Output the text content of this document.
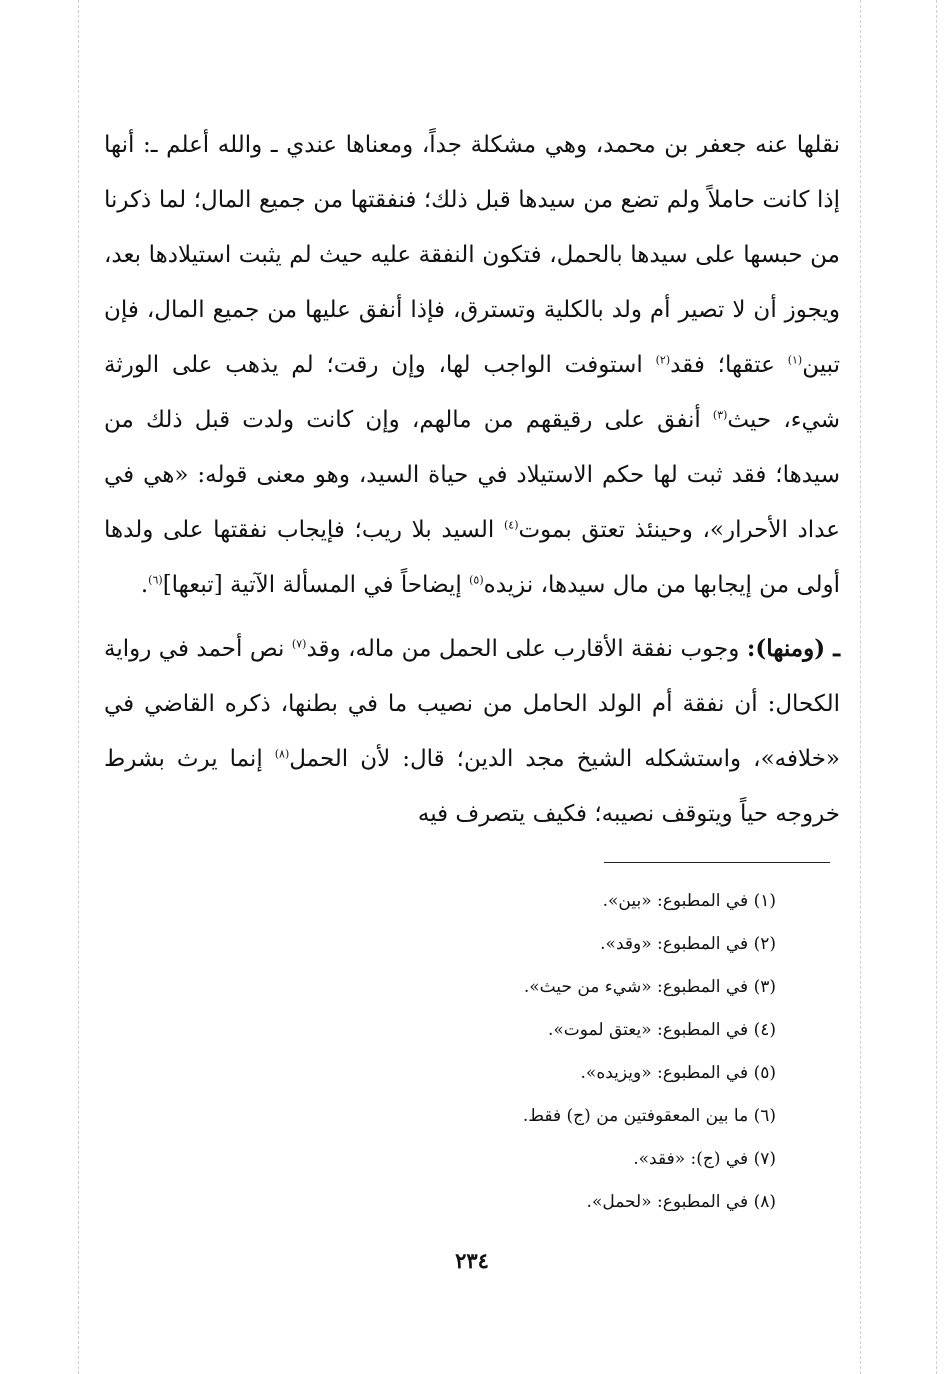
نقلها عنه جعفر بن محمد، وهي مشكلة جداً، ومعناها عندي ـ والله أعلم ـ: أنها إذا كانت حاملاً ولم تضع من سيدها قبل ذلك؛ فنفقتها من جميع المال؛ لما ذكرنا من حبسها على سيدها بالحمل، فتكون النفقة عليه حيث لم يثبت استيلادها بعد، ويجوز أن لا تصير أم ولد بالكلية وتسترق، فإذا أنفق عليها من جميع المال، فإن تبين$^{(١)}$ عتقها؛ فقد$^{(٢)}$ استوفت الواجب لها، وإن رقت؛ لم يذهب على الورثة شيء، حيث$^{(٣)}$ أنفق على رقيقهم من مالهم، وإن كانت ولدت قبل ذلك من سيدها؛ فقد ثبت لها حكم الاستيلاد في حياة السيد، وهو معنى قوله: «هي في عداد الأحرار»، وحينئذ تعتق بموت$^{(٤)}$ السيد بلا ريب؛ فإيجاب نفقتها على ولدها أولى من إيجابها من مال سيدها، نزيده$^{(٥)}$ إيضاحاً في المسألة الآتية [تبعها]$^{(٦)}$.

ـ (ومنها): وجوب نفقة الأقارب على الحمل من ماله، وقد$^{(٧)}$ نص أحمد في رواية الكحال: أن نفقة أم الولد الحامل من نصيب ما في بطنها، ذكره القاضي في «خلافه»، واستشكله الشيخ مجد الدين؛ قال: لأن الحمل$^{(٨)}$ إنما يرث بشرط خروجه حياً ويتوقف نصيبه؛ فكيف يتصرف فيه

(١) في المطبوع: «بين».
(٢) في المطبوع: «وقد».
(٣) في المطبوع: «شيء من حيث».
(٤) في المطبوع: «يعتق لموت».
(٥) في المطبوع: «ويزيده».
(٦) ما بين المعقوفتين من (ج) فقط.
(٧) في (ج): «فقد».
(٨) في المطبوع: «لحمل».
٢٣٤
